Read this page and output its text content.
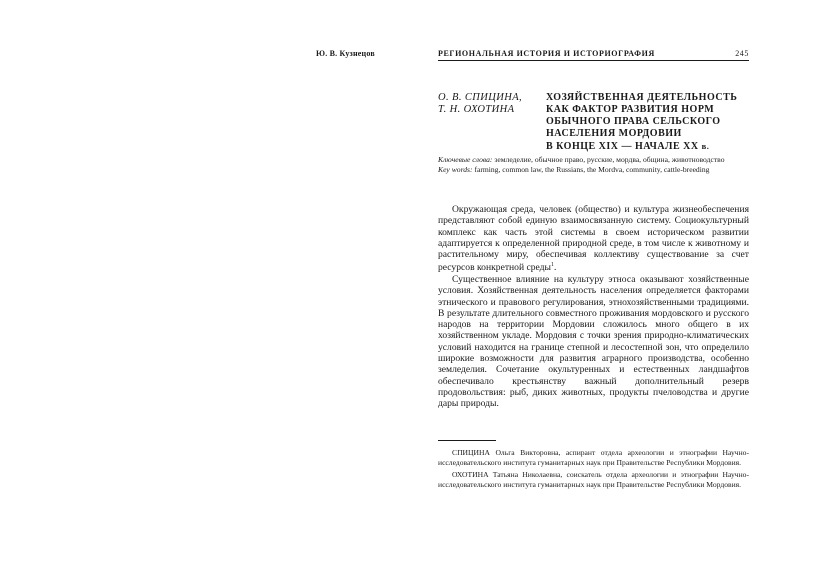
Ю. В. Кузнецов	РЕГИОНАЛЬНАЯ ИСТОРИЯ И ИСТОРИОГРАФИЯ	245
О. В. СПИЦИНА,
Т. Н. ОХОТИНА
ХОЗЯЙСТВЕННАЯ ДЕЯТЕЛЬНОСТЬ
КАК ФАКТОР РАЗВИТИЯ НОРМ
ОБЫЧНОГО ПРАВА СЕЛЬСКОГО
НАСЕЛЕНИЯ МОРДОВИИ
В КОНЦЕ XIX — НАЧАЛЕ XX в.
Ключевые слова: земледелие, обычное право, русские, мордва, община, животноводство
Key words: farming, common law, the Russians, the Mordva, community, cattle-breeding

Окружающая среда, человек (общество) и культура жизнеобеспечения представляют собой единую взаимосвязанную систему. Социокультурный комплекс как часть этой системы в своем историческом развитии адаптируется к определенной природной среде, в том числе к животному и растительному миру, обеспечивая коллективу существование за счет ресурсов конкретной среды$^1$.

Существенное влияние на культуру этноса оказывают хозяйственные условия. Хозяйственная деятельность населения определяется факторами этнического и правового регулирования, этнохозяйственными традициями. В результате длительного совместного проживания мордовского и русского народов на территории Мордовии сложилось много общего в их хозяйственном укладе. Мордовия с точки зрения природно-климатических условий находится на границе степной и лесостепной зон, что определило широкие возможности для развития аграрного производства, особенно земледелия. Сочетание окультуренных и естественных ландшафтов обеспечивало крестьянству важный дополнительный резерв продовольствия: рыб, диких животных, продукты пчеловодства и другие дары природы.

СПИЦИНА Ольга Викторовна, аспирант отдела археологии и этнографии Научно-исследовательского института гуманитарных наук при Правительстве Республики Мордовия.

ОХОТИНА Татьяна Николаевна, соискатель отдела археологии и этнографии Научно-исследовательского института гуманитарных наук при Правительстве Республики Мордовия.
